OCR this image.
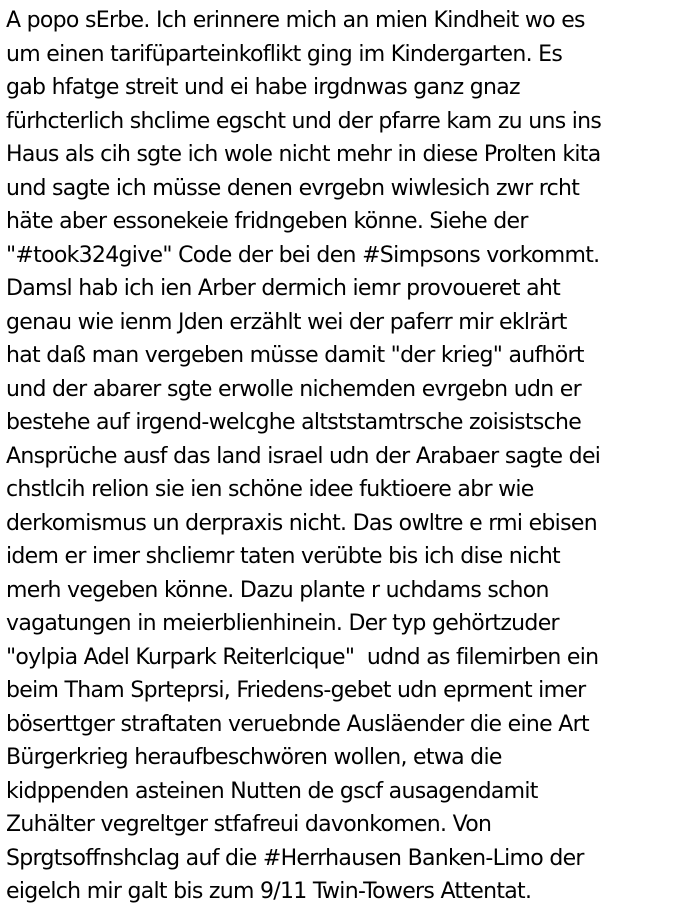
A popo sErbe. Ich erinnere mich an mien Kindheit wo es
um einen tarifüparteinkoflikt ging im Kindergarten. Es
gab hfatge streit und ei habe irgdnwas ganz gnaz
fürhcterlich shclime egscht und der pfarre kam zu uns ins
Haus als cih sgte ich wole nicht mehr in diese Prolten kita
und sagte ich müsse denen evrgebn wiwlesich zwr rcht
häte aber essonekeie fridngeben könne. Siehe der
"#took324give" Code der bei den #Simpsons vorkommt.
Damsl hab ich ien Arber dermich iemr provoueret aht
genau wie ienm Jden erzählt wei der paferr mir eklrärt
hat daß man vergeben müsse damit "der krieg" aufhört
und der abarer sgte erwolle nichemden evrgebn udn er
bestehe auf irgend-welcghe altststamtrsche zoisistsche
Ansprüche ausf das land israel udn der Arabaer sagte dei
chstlcih relion sie ien schöne idee fuktioere abr wie
derkomismus un derpraxis nicht. Das owltre e rmi ebisen
idem er imer shcliemr taten verübte bis ich dise nicht
merh vegeben könne. Dazu plante r uchdams schon
vagatungen in meierblienhinein. Der typ gehörtzuder
"oylpia Adel Kurpark Reiterlcique"  udnd as filemirben ein
beim Tham Sprteprsi, Friedens-gebet udn eprment imer
böserttger straftaten veruebnde Ausläender die eine Art
Bürgerkrieg heraufbeschwören wollen, etwa die
kidppenden asteinen Nutten de gscf ausagendamit
Zuhälter vegreltger stfafreui davonkomen. Von
Sprgtsoffnshclag auf die #Herrhausen Banken-Limo der
eigelch mir galt bis zum 9/11 Twin-Towers Attentat.
